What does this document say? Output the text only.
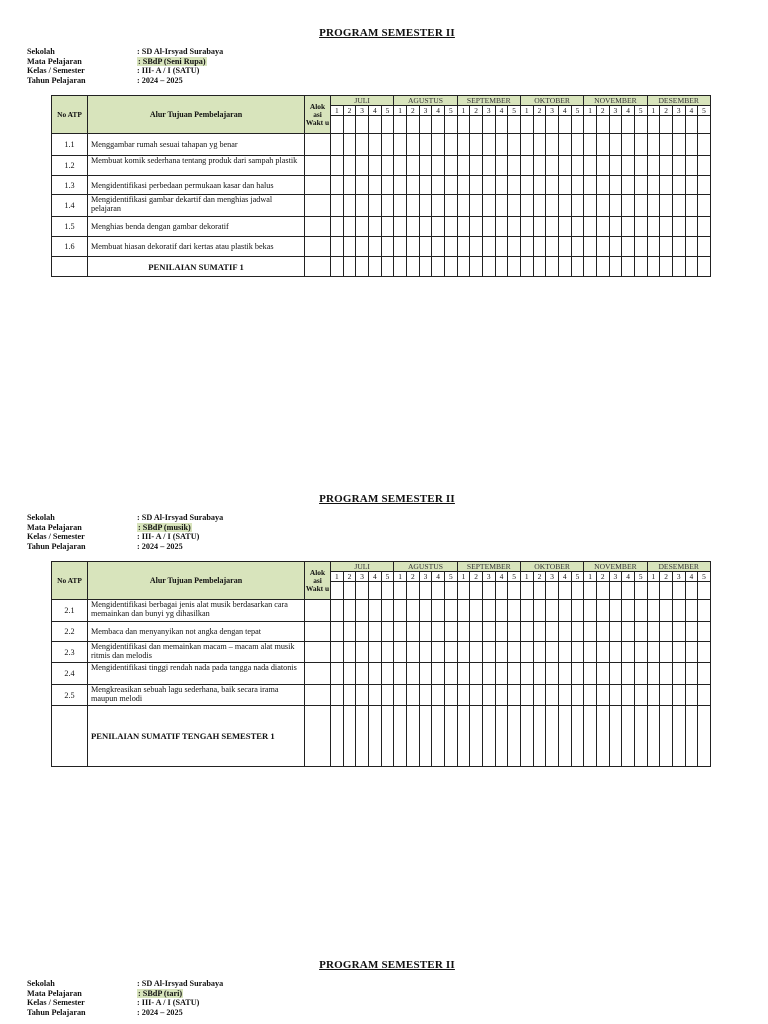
PROGRAM SEMESTER II
Sekolah	: SD Al-Irsyad Surabaya
Mata Pelajaran	: SBdP (Seni Rupa)
Kelas / Semester	: III- A / I (SATU)
Tahun Pelajaran	: 2024 – 2025
No ATP	Alur Tujuan Pembelajaran	Alok asi Wakt u	JULI					AGUSTUS					SEPTEMBER					OKTOBER					NOVEMBER					DESEMBER				
			1	2	3	4	5	1	2	3	4	5	1	2	3	4	5	1	2	3	4	5	1	2	3	4	5	1	2	3	4	5

1.1	Menggambar rumah sesuai tahapan yg benar																															
1.2	Membuat komik sederhana tentang produk dari sampah plastik																															
1.3	Mengidentifikasi perbedaan permukaan kasar dan halus																															
1.4	Mengidentifikasi gambar dekartif dan menghias jadwal pelajaran																															
1.5	Menghias benda dengan gambar dekoratif																															
1.6	Membuat hiasan dekoratif dari kertas atau plastik bekas																															
	PENILAIAN SUMATIF 1																															
PROGRAM SEMESTER II
Sekolah	: SD Al-Irsyad Surabaya
Mata Pelajaran	: SBdP (musik)
Kelas / Semester	: III- A / I (SATU)
Tahun Pelajaran	: 2024 – 2025
No ATP	Alur Tujuan Pembelajaran	Alok asi Wakt u	JULI					AGUSTUS					SEPTEMBER					OKTOBER					NOVEMBER					DESEMBER				
			1	2	3	4	5	1	2	3	4	5	1	2	3	4	5	1	2	3	4	5	1	2	3	4	5	1	2	3	4	5

2.1	Mengidentifikasi berbagai jenis alat musik berdasarkan cara memainkan dan bunyi yg dihasilkan																															
2.2	Membaca dan menyanyikan not angka dengan tepat																															
2.3	Mengidentifikasi dan memainkan macam – macam alat musik ritmis dan melodis																															
2.4	Mengidentifikasi tinggi rendah nada pada tangga nada diatonis																															
2.5	Mengkreasikan sebuah lagu sederhana, baik secara irama maupun melodi																															
	PENILAIAN SUMATIF TENGAH SEMESTER 1																															
PROGRAM SEMESTER II
Sekolah	: SD Al-Irsyad Surabaya
Mata Pelajaran	: SBdP (tari)
Kelas / Semester	: III- A / I (SATU)
Tahun Pelajaran	: 2024 – 2025
